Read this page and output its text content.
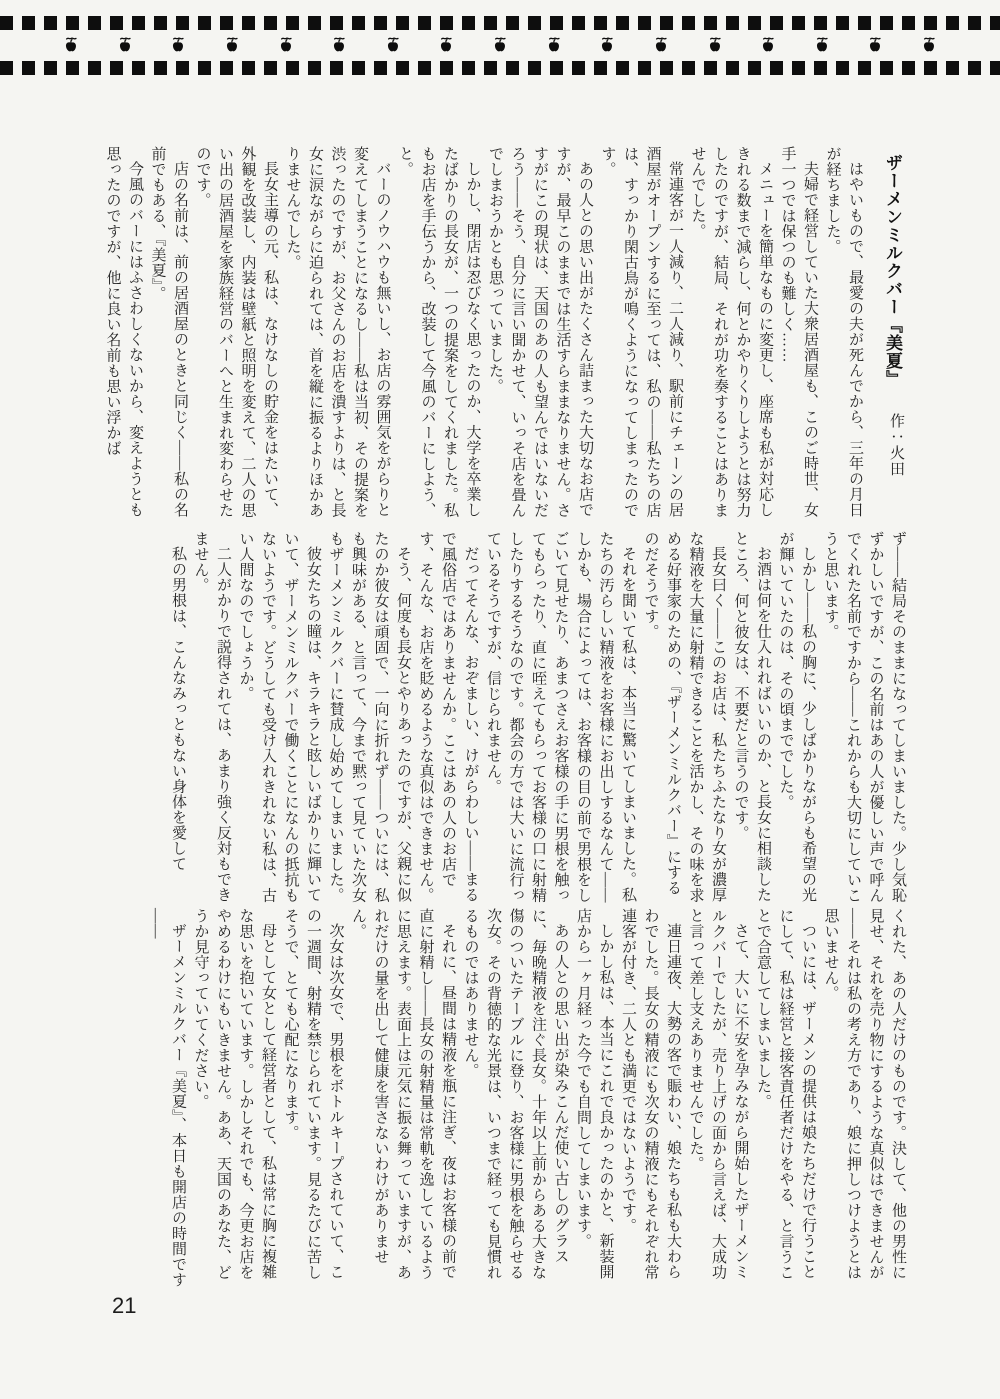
ザーメンミルクバー『美夏』
作：火田

はやいもので、最愛の夫が死んでから、三年の月日が経ちました。

夫婦で経営していた大衆居酒屋も、このご時世、女手一つでは保つのも難しく……

メニューを簡単なものに変更し、座席も私が対応しきれる数まで減らし、何とかやりくりしようとは努力したのですが、結局、それが功を奏することはありませんでした。

常連客が一人減り、二人減り、駅前にチェーンの居酒屋がオープンするに至っては、私の――私たちの店は、すっかり閑古鳥が鳴くようになってしまったのです。

あの人との思い出がたくさん詰まった大切なお店ですが、最早このままでは生活すらままなりません。さすがにこの現状は、天国のあの人も望んではいないだろう――そう、自分に言い聞かせて、いっそ店を畳んでしまおうかとも思っていました。

しかし、閉店は忍びなく思ったのか、大学を卒業したばかりの長女が、一つの提案をしてくれました。私もお店を手伝うから、改装して今風のバーにしよう、と。

バーのノウハウも無いし、お店の雰囲気をがらりと変えてしまうことになるし――私は当初、その提案を渋ったのですが、お父さんのお店を潰すよりは、と長女に涙ながらに迫られては、首を縦に振るよりほかありませんでした。

長女主導の元、私は、なけなしの貯金をはたいて、外観を改装し、内装は壁紙と照明を変えて、二人の思い出の居酒屋を家族経営のバーへと生まれ変わらせたのです。

店の名前は、前の居酒屋のときと同じく――私の名前でもある、『美夏』。

今風のバーにはふさわしくないから、変えようとも思ったのですが、他に良い名前も思い浮かば

ず――結局そのままになってしまいました。少し気恥ずかしいですが、この名前はあの人が優しい声で呼んでくれた名前ですから――これからも大切にしていこうと思います。

しかし――私の胸に、少しばかりながらも希望の光が輝いていたのは、その頃まででした。

お酒は何を仕入れればいいのか、と長女に相談したところ、何と彼女は、不要だと言うのです。

長女曰く――このお店は、私たちふたなり女が濃厚な精液を大量に射精できることを活かし、その味を求める好事家のための、『ザーメンミルクバー』にするのだそうです。

それを聞いて私は、本当に驚いてしまいました。私たちの汚らしい精液をお客様にお出しするなんて――しかも、場合によっては、お客様の目の前で男根をしごいて見せたり、あまつさえお客様の手に男根を触ってもらったり、直に咥えてもらってお客様の口に射精したりするそうなのです。都会の方では大いに流行っているそうですが、信じられません。

だってそんな、おぞましい、けがらわしい――まるで風俗店ではありませんか。ここはあの人のお店です、そんな、お店を貶めるような真似はできません。

そう、何度も長女とやりあったのですが、父親に似たのか彼女は頑固で、一向に折れず――ついには、私も興味がある、と言って、今まで黙って見ていた次女もザーメンミルクバーに賛成し始めてしまいました。

彼女たちの瞳は、キラキラと眩しいばかりに輝いていて、ザーメンミルクバーで働くことになんの抵抗もないようです。どうしても受け入れきれない私は、古い人間なのでしょうか。

二人がかりで説得されては、あまり強く反対もできません。

私の男根は、こんなみっともない身体を愛して

くれた、あの人だけのものです。決して、他の男性に見せ、それを売り物にするような真似はできませんが――それは私の考え方であり、娘に押しつけようとは思いません。

ついには、ザーメンの提供は娘たちだけで行うことにして、私は経営と接客責任者だけをやる、と言うことで合意してしまいました。

さて、大いに不安を孕みながら開始したザーメンミルクバーでしたが、売り上げの面から言えば、大成功と言って差し支えありませんでした。

連日連夜、大勢の客で賑わい、娘たちも私も大わらわでした。長女の精液にも次女の精液にもそれぞれ常連客が付き、二人とも満更ではないようです。

しかし私は、本当にこれで良かったのかと、新装開店から一ヶ月経った今でも自問してしまいます。

あの人との思い出が染みこんだ使い古しのグラスに、毎晩精液を注ぐ長女。十年以上前からある大きな傷のついたテーブルに登り、お客様に男根を触らせる次女。その背徳的な光景は、いつまで経っても見慣れるものではありません。

それに、昼間は精液を瓶に注ぎ、夜はお客様の前で直に射精し――長女の射精量は常軌を逸しているように思えます。表面上は元気に振る舞っていますが、あれだけの量を出して健康を害さないわけがありません。

次女は次女で、男根をボトルキープされていて、この一週間、射精を禁じられています。見るたびに苦しそうで、とても心配になります。

母として女として経営者として、私は常に胸に複雑な思いを抱いています。しかしそれでも、今更お店をやめるわけにもいきません。ああ、天国のあなた、どうか見守っていてください。

ザーメンミルクバー『美夏』、本日も開店の時間です――

21
